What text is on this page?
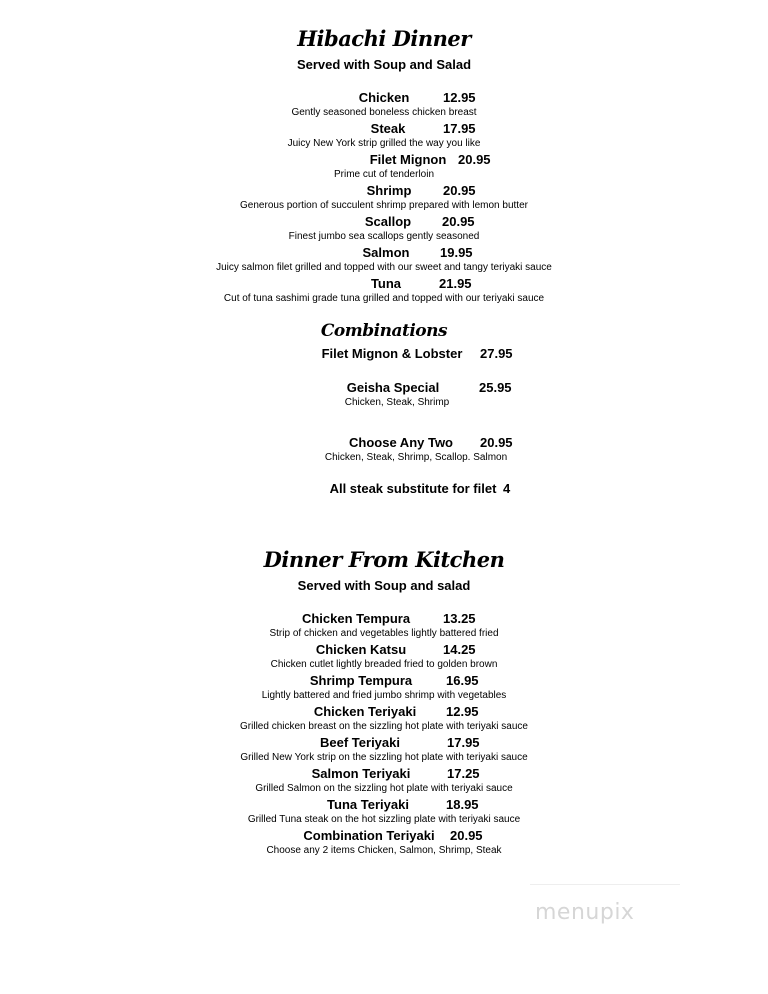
Hibachi Dinner
Served with Soup and Salad
Chicken	12.95
Gently seasoned boneless chicken breast
Steak	17.95
Juicy New York strip grilled the way you like
Filet Mignon 20.95
Prime cut of tenderloin
Shrimp 20.95
Generous portion of succulent shrimp prepared with lemon butter
Scallop 20.95
Finest jumbo sea scallops gently seasoned
Salmon 19.95
Juicy salmon filet grilled and topped with our sweet and tangy teriyaki sauce
Tuna	21.95
Cut of tuna sashimi grade tuna grilled and topped with our teriyaki sauce
Combinations
Filet Mignon & Lobster 27.95
Geisha Special	25.95
Chicken, Steak, Shrimp
Choose Any Two 20.95
Chicken, Steak, Shrimp, Scallop. Salmon
All steak substitute for filet 4
Dinner From Kitchen
Served with Soup and salad
Chicken Tempura	13.25
Strip of chicken and vegetables lightly battered fried
Chicken Katsu	14.25
Chicken cutlet lightly breaded fried to golden brown
Shrimp Tempura	16.95
Lightly battered and fried jumbo shrimp with vegetables
Chicken Teriyaki 12.95
Grilled chicken breast on the sizzling hot plate with teriyaki sauce
Beef Teriyaki	17.95
Grilled New York strip on the sizzling hot plate with teriyaki sauce
Salmon Teriyaki	17.25
Grilled Salmon on the sizzling hot plate with teriyaki sauce
Tuna Teriyaki	18.95
Grilled Tuna steak on the hot sizzling plate with teriyaki sauce
Combination Teriyaki 20.95
Choose any 2 items Chicken, Salmon, Shrimp, Steak
menupix
